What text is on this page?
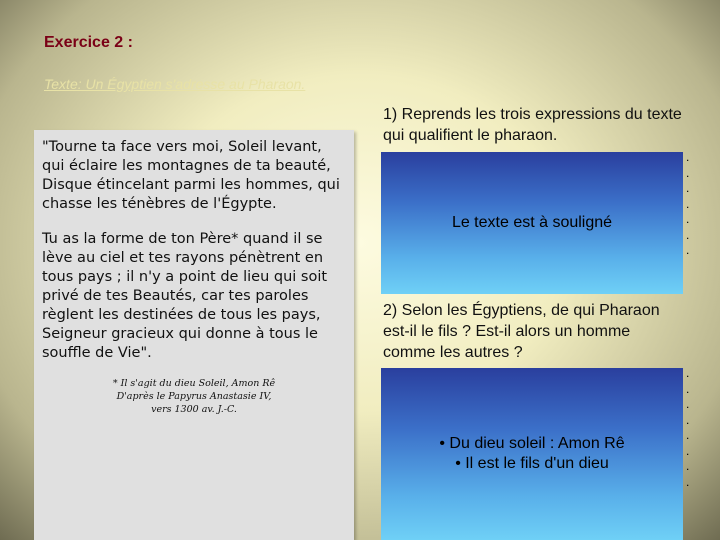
Exercice 2 :
Texte: Un Égyptien s'adresse au Pharaon.

"Tourne ta face vers moi, Soleil levant, qui éclaire les montagnes de ta beauté, Disque étincelant parmi les hommes, qui chasse les ténèbres de l'Égypte.

Tu as la forme de ton Père* quand il se lève au ciel et tes rayons pénètrent en tous pays ; il n'y a point de lieu qui soit privé de tes Beautés, car tes paroles règlent les destinées de tous les pays, Seigneur gracieux qui donne à tous le souffle de Vie".

* Il s'agit du dieu Soleil, Amon Rê
D'après le Papyrus Anastasie IV,
vers 1300 av. J.-C.
1) Reprends les trois expressions du texte qui qualifient le pharaon.
Le texte est à souligné
.
.
.
.
.
.
.
2) Selon les Égyptiens, de qui Pharaon est-il le fils ? Est-il alors un homme comme les autres ?
• Du dieu soleil : Amon Rê
• Il est le fils d'un dieu
.
.
.
.
.
.
.
.
